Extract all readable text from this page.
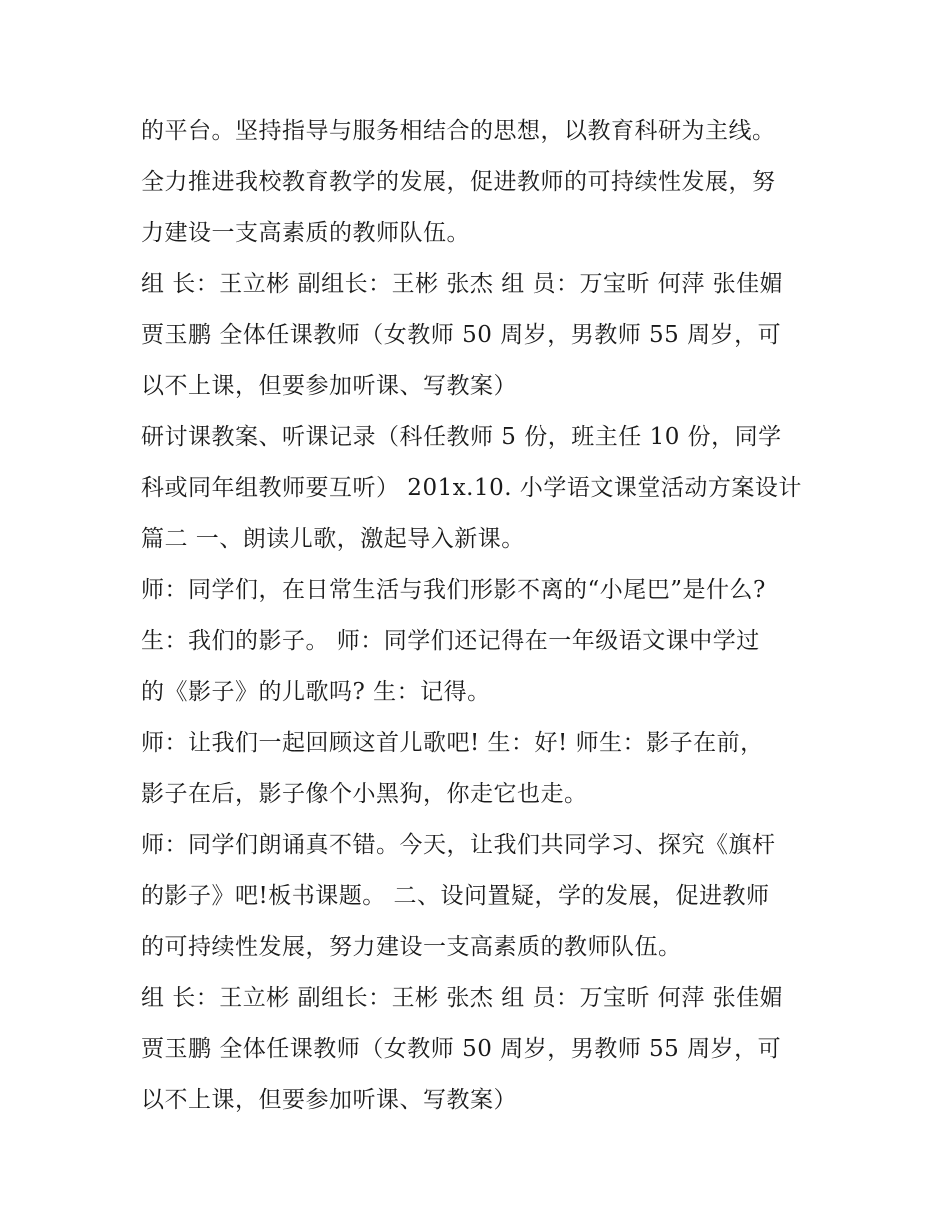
的平台。坚持指导与服务相结合的思想，以教育科研为主线。
全力推进我校教育教学的发展，促进教师的可持续性发展，努
力建设一支高素质的教师队伍。
组 长：王立彬 副组长：王彬 张杰 组 员：万宝昕 何萍 张佳媚
贾玉鹏 全体任课教师（女教师 50 周岁，男教师 55 周岁，可
以不上课，但要参加听课、写教案）
研讨课教案、听课记录（科任教师 5 份，班主任 10 份，同学
科或同年组教师要互听） 201x.10. 小学语文课堂活动方案设计
篇二 一、朗读儿歌，激起导入新课。
师：同学们，在日常生活与我们形影不离的“小尾巴”是什么?
生：我们的影子。 师：同学们还记得在一年级语文课中学过
的《影子》的儿歌吗? 生：记得。
师：让我们一起回顾这首儿歌吧! 生：好! 师生：影子在前，
影子在后，影子像个小黑狗，你走它也走。
师：同学们朗诵真不错。今天，让我们共同学习、探究《旗杆
的影子》吧!板书课题。 二、设问置疑，学的发展，促进教师
的可持续性发展，努力建设一支高素质的教师队伍。
组 长：王立彬 副组长：王彬 张杰 组 员：万宝昕 何萍 张佳媚
贾玉鹏 全体任课教师（女教师 50 周岁，男教师 55 周岁，可
以不上课，但要参加听课、写教案）
